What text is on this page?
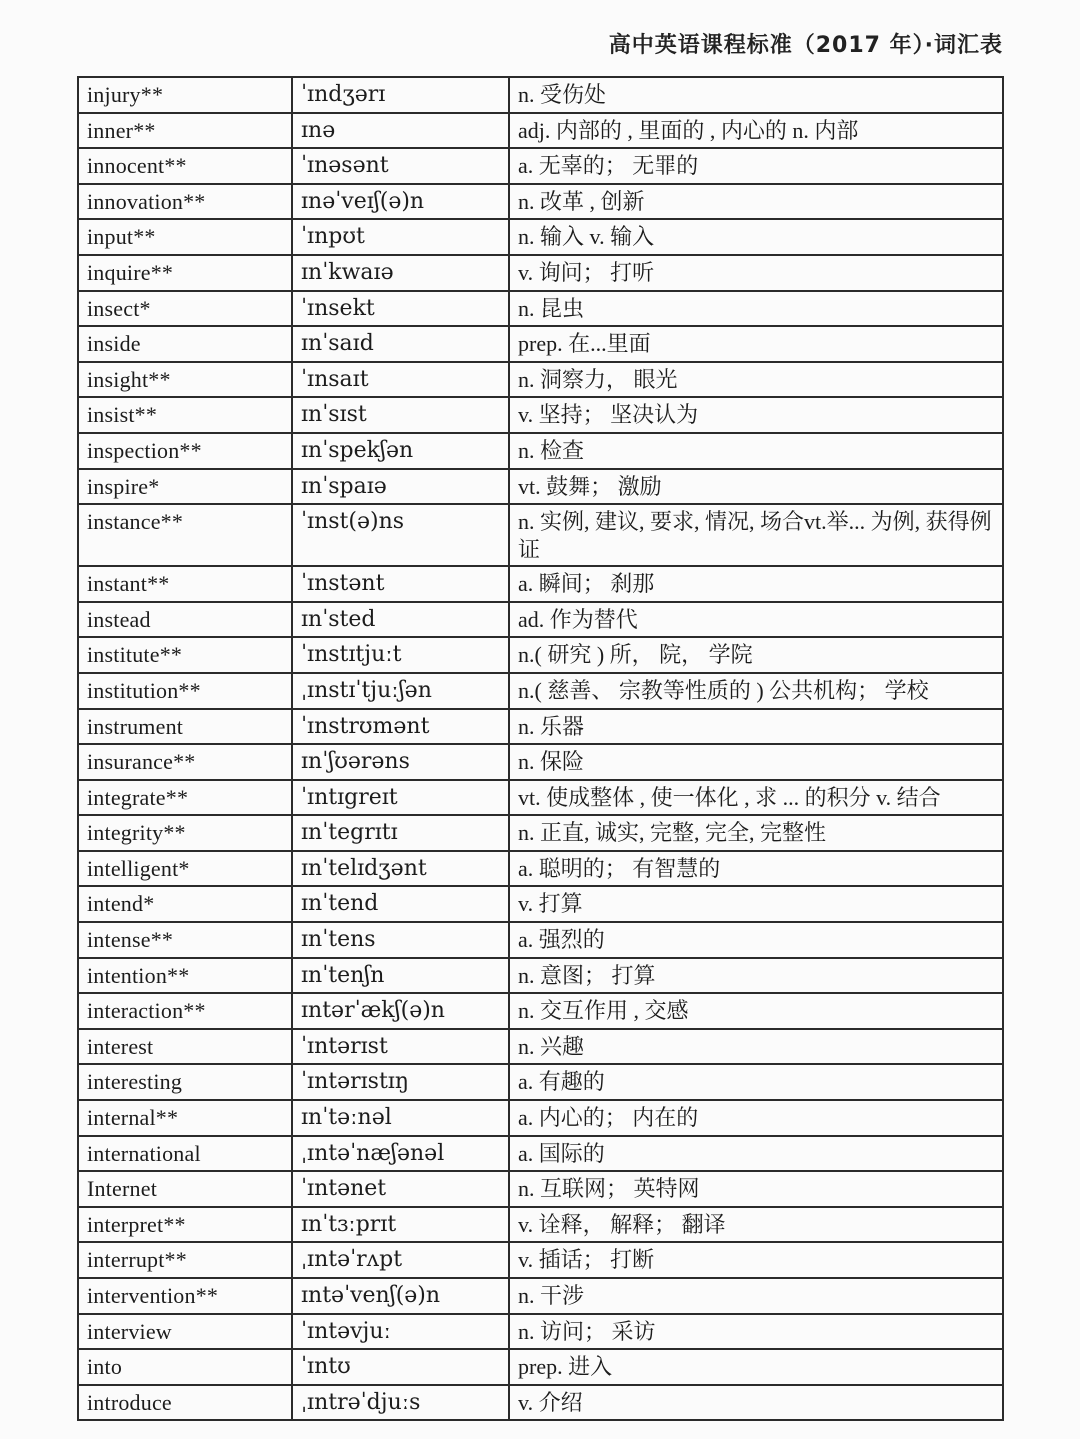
高中英语课程标准（2017 年）·词汇表
injury**	ˈɪndʒərɪ	n. 受伤处
inner**	ɪnə	adj. 内部的 , 里面的 , 内心的 n. 内部
innocent**	ˈɪnəsənt	a. 无辜的； 无罪的
innovation**	ɪnəˈveɪʃ(ə)n	n. 改革 , 创新
input**	ˈɪnpʊt	n. 输入 v. 输入
inquire**	ɪnˈkwaɪə	v. 询问； 打听
insect*	ˈɪnsekt	n. 昆虫
inside	ɪnˈsaɪd	prep. 在...里面
insight**	ˈɪnsaɪt	n. 洞察力， 眼光
insist**	ɪnˈsɪst	v. 坚持； 坚决认为
inspection**	ɪnˈspekʃən	n. 检查
inspire*	ɪnˈspaɪə	vt. 鼓舞； 激励
instance**	ˈɪnst(ə)ns	n. 实例, 建议, 要求, 情况, 场合vt.举... 为例, 获得例证
instant**	ˈɪnstənt	a. 瞬间； 刹那
instead	ɪnˈsted	ad. 作为替代
institute**	ˈɪnstɪtjuːt	n.( 研究 ) 所， 院， 学院
institution**	ˌɪnstɪˈtjuːʃən	n.( 慈善、 宗教等性质的 ) 公共机构； 学校
instrument	ˈɪnstrʊmənt	n. 乐器
insurance**	ɪnˈʃʊərəns	n. 保险
integrate**	ˈɪntɪgreɪt	vt. 使成整体 , 使一体化 , 求 ... 的积分 v. 结合
integrity**	ɪnˈtegrɪtɪ	n. 正直, 诚实, 完整, 完全, 完整性
intelligent*	ɪnˈtelɪdʒənt	a. 聪明的； 有智慧的
intend*	ɪnˈtend	v. 打算
intense**	ɪnˈtens	a. 强烈的
intention**	ɪnˈtenʃn	n. 意图； 打算
interaction**	ɪntərˈækʃ(ə)n	n. 交互作用 , 交感
interest	ˈɪntərɪst	n. 兴趣
interesting	ˈɪntərɪstɪŋ	a. 有趣的
internal**	ɪnˈtəːnəl	a. 内心的； 内在的
international	ˌɪntəˈnæʃənəl	a. 国际的
Internet	ˈɪntənet	n. 互联网； 英特网
interpret**	ɪnˈtɜːprɪt	v. 诠释， 解释； 翻译
interrupt**	ˌɪntəˈrʌpt	v. 插话； 打断
intervention**	ɪntəˈvenʃ(ə)n	n. 干涉
interview	ˈɪntəvjuː	n. 访问； 采访
into	ˈɪntʊ	prep. 进入
introduce	ˌɪntrəˈdjuːs	v. 介绍
